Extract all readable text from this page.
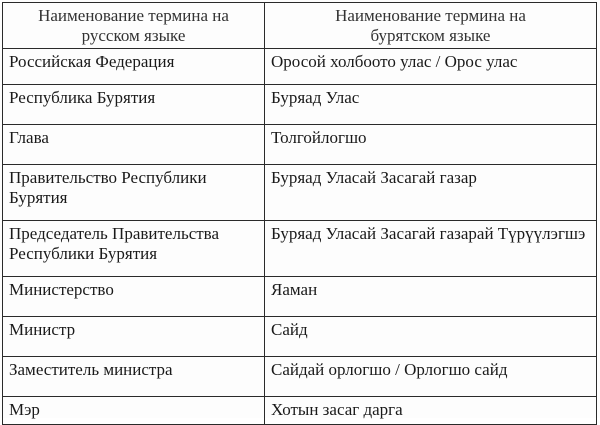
Наименование термина на
русском языке	Наименование термина на
бурятском языке

Российская Федерация	Оросой холбоото улас / Орос улас
Республика Бурятия	Буряад Улас
Глава	Толгойлогшо
Правительство Республики Бурятия	Буряад Уласай Засагай газар
Председатель Правительства Республики Бурятия	Буряад Уласай Засагай газарай Түрүүлэгшэ
Министерство	Яаман
Министр	Сайд
Заместитель министра	Сайдай орлогшо / Орлогшо сайд
Мэр	Хотын засаг дарга
